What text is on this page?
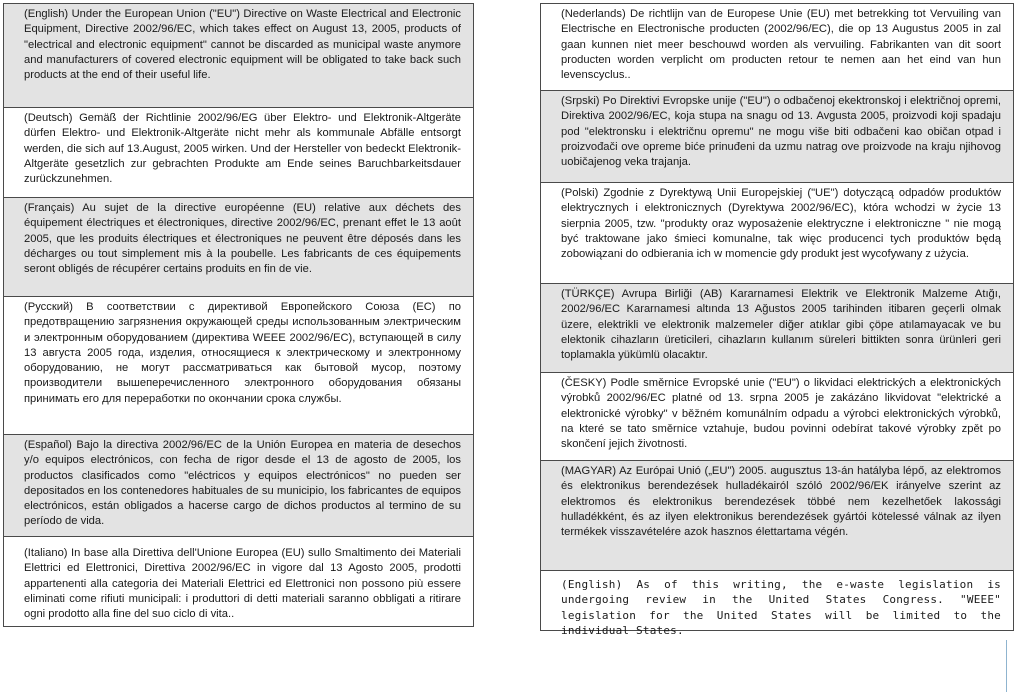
(English) Under the European Union ("EU") Directive on Waste Electrical and Electronic Equipment, Directive 2002/96/EC, which takes effect on August 13, 2005, products of "electrical and electronic equipment" cannot be discarded as municipal waste anymore and manufacturers of covered electronic equipment will be obligated to take back such products at the end of their useful life.
(Deutsch) Gemäß der Richtlinie 2002/96/EG über Elektro- und Elektronik-Altgeräte dürfen Elektro- und Elektronik-Altgeräte nicht mehr als kommunale Abfälle entsorgt werden, die sich auf 13.August, 2005 wirken. Und der Hersteller von bedeckt Elektronik-Altgeräte gesetzlich zur gebrachten Produkte am Ende seines Baruchbarkeitsdauer zurückzunehmen.
(Français) Au sujet de la directive européenne (EU) relative aux déchets des équipement électriques et électroniques, directive 2002/96/EC, prenant effet le 13 août 2005, que les produits électriques et électroniques ne peuvent être déposés dans les décharges ou tout simplement mis à la poubelle. Les fabricants de ces équipements seront obligés de récupérer certains produits en fin de vie.
(Русский) В соответствии с директивой Европейского Союза (ЕС) по предотвращению загрязнения окружающей среды использованным электрическим и электронным оборудованием (директива WEEE 2002/96/EC), вступающей в силу 13 августа 2005 года, изделия, относящиеся к электрическому и электронному оборудованию, не могут рассматриваться как бытовой мусор, поэтому производители вышеперечисленного электронного оборудования обязаны принимать его для переработки по окончании срока службы.
(Español) Bajo la directiva 2002/96/EC de la Unión Europea en materia de desechos y/o equipos electrónicos, con fecha de rigor desde el 13 de agosto de 2005, los productos clasificados como "eléctricos y equipos electrónicos" no pueden ser depositados en los contenedores habituales de su municipio, los fabricantes de equipos electrónicos, están obligados a hacerse cargo de dichos productos al termino de su período de vida.
(Italiano) In base alla Direttiva dell'Unione Europea (EU) sullo Smaltimento dei Materiali Elettrici ed Elettronici, Direttiva 2002/96/EC in vigore dal 13 Agosto 2005, prodotti appartenenti alla categoria dei Materiali Elettrici ed Elettronici non possono più essere eliminati come rifiuti municipali: i produttori di detti materiali saranno obbligati a ritirare ogni prodotto alla fine del suo ciclo di vita..
(Nederlands) De richtlijn van de Europese Unie (EU) met betrekking tot Vervuiling van Electrische en Electronische producten (2002/96/EC), die op 13 Augustus 2005 in zal gaan kunnen niet meer beschouwd worden als vervuiling. Fabrikanten van dit soort producten worden verplicht om producten retour te nemen aan het eind van hun levenscyclus..
(Srpski) Po Direktivi Evropske unije ("EU") o odbačenoj ekektronskoj i električnoj opremi, Direktiva 2002/96/EC, koja stupa na snagu od 13. Avgusta 2005, proizvodi koji spadaju pod "elektronsku i električnu opremu" ne mogu više biti odbačeni kao običan otpad i proizvođači ove opreme biće prinuđeni da uzmu natrag ove proizvode na kraju njihovog uobičajenog veka trajanja.
(Polski) Zgodnie z Dyrektywą Unii Europejskiej ("UE") dotyczącą odpadów produktów elektrycznych i elektronicznych (Dyrektywa 2002/96/EC), która wchodzi w życie 13 sierpnia 2005, tzw. "produkty oraz wyposażenie elektryczne i elektroniczne " nie mogą być traktowane jako śmieci komunalne, tak więc producenci tych produktów będą zobowiązani do odbierania ich w momencie gdy produkt jest wycofywany z użycia.
(TÜRKÇE) Avrupa Birliği (AB) Kararnamesi Elektrik ve Elektronik Malzeme Atığı, 2002/96/EC Kararnamesi altında 13 Ağustos 2005 tarihinden itibaren geçerli olmak üzere, elektrikli ve elektronik malzemeler diğer atıklar gibi çöpe atılamayacak ve bu elektonik cihazların üreticileri, cihazların kullanım süreleri bittikten sonra ürünleri geri toplamakla yükümlü olacaktır.
(ČESKY) Podle směrnice Evropské unie ("EU") o likvidaci elektrických a elektronických výrobků 2002/96/EC platné od 13. srpna 2005 je zakázáno likvidovat "elektrické a elektronické výrobky" v běžném komunálním odpadu a výrobci elektronických výrobků, na které se tato směrnice vztahuje, budou povinni odebírat takové výrobky zpět po skončení jejich životnosti.
(MAGYAR) Az Európai Unió („EU") 2005. augusztus 13-án hatályba lépő, az elektromos és elektronikus berendezések hulladékairól szóló 2002/96/EK irányelve szerint az elektromos és elektronikus berendezések többé nem kezelhetőek lakossági hulladékként, és az ilyen elektronikus berendezések gyártói kötelessé válnak az ilyen termékek visszavételére azok hasznos élettartama végén.
(English) As of this writing, the e-waste legislation is undergoing review in the United States Congress. "WEEE" legislation for the United States will be limited to the individual States.
